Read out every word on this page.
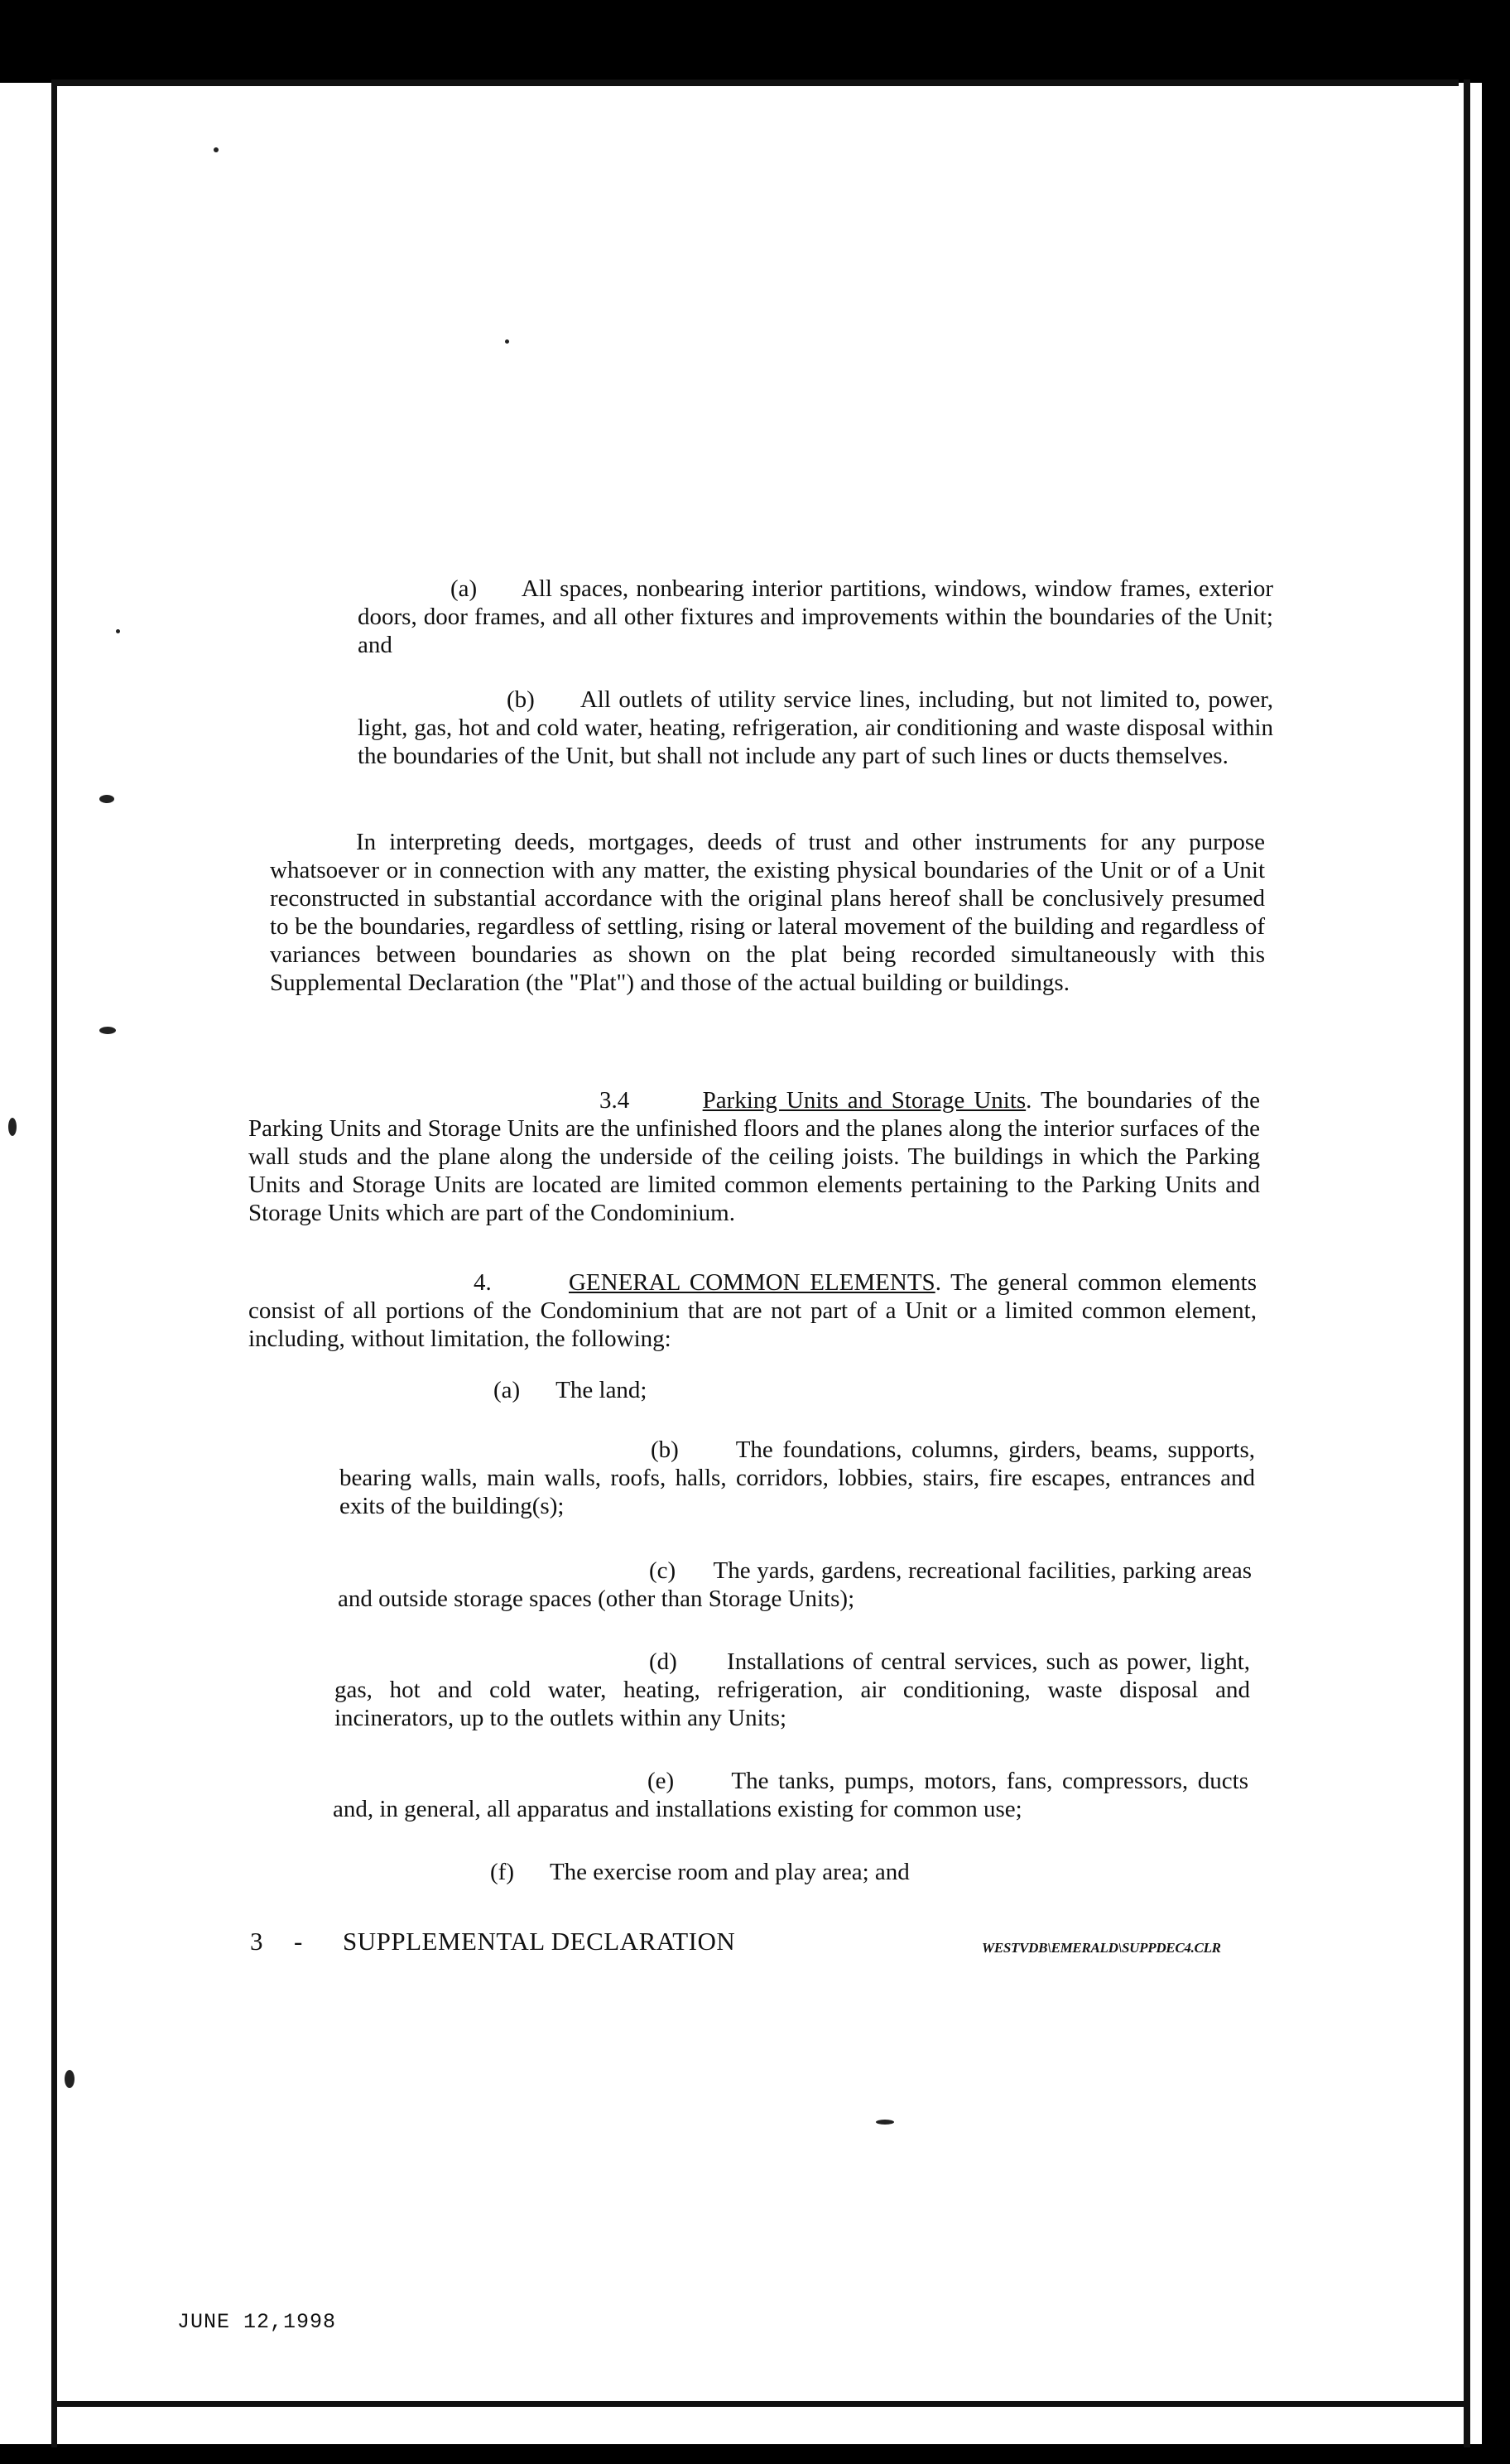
(a) All spaces, nonbearing interior partitions, windows, window frames, exterior doors, door frames, and all other fixtures and improvements within the boundaries of the Unit; and

(b) All outlets of utility service lines, including, but not limited to, power, light, gas, hot and cold water, heating, refrigeration, air conditioning and waste disposal within the boundaries of the Unit, but shall not include any part of such lines or ducts themselves.

In interpreting deeds, mortgages, deeds of trust and other instruments for any purpose whatsoever or in connection with any matter, the existing physical boundaries of the Unit or of a Unit reconstructed in substantial accordance with the original plans hereof shall be conclusively presumed to be the boundaries, regardless of settling, rising or lateral movement of the building and regardless of variances between boundaries as shown on the plat being recorded simultaneously with this Supplemental Declaration (the "Plat") and those of the actual building or buildings.

3.4	Parking Units and Storage Units. The boundaries of the Parking Units and Storage Units are the unfinished floors and the planes along the interior surfaces of the wall studs and the plane along the underside of the ceiling joists. The buildings in which the Parking Units and Storage Units are located are limited common elements pertaining to the Parking Units and Storage Units which are part of the Condominium.

4.	GENERAL COMMON ELEMENTS. The general common elements consist of all portions of the Condominium that are not part of a Unit or a limited common element, including, without limitation, the following:

(a) The land;

(b) The foundations, columns, girders, beams, supports, bearing walls, main walls, roofs, halls, corridors, lobbies, stairs, fire escapes, entrances and exits of the building(s);

(c) The yards, gardens, recreational facilities, parking areas and outside storage spaces (other than Storage Units);

(d) Installations of central services, such as power, light, gas, hot and cold water, heating, refrigeration, air conditioning, waste disposal and incinerators, up to the outlets within any Units;

(e) The tanks, pumps, motors, fans, compressors, ducts and, in general, all apparatus and installations existing for common use;

(f) The exercise room and play area; and

3 - SUPPLEMENTAL DECLARATION	WESTVDB\EMERALD\SUPPDEC4.CLR
JUNE 12,1998
